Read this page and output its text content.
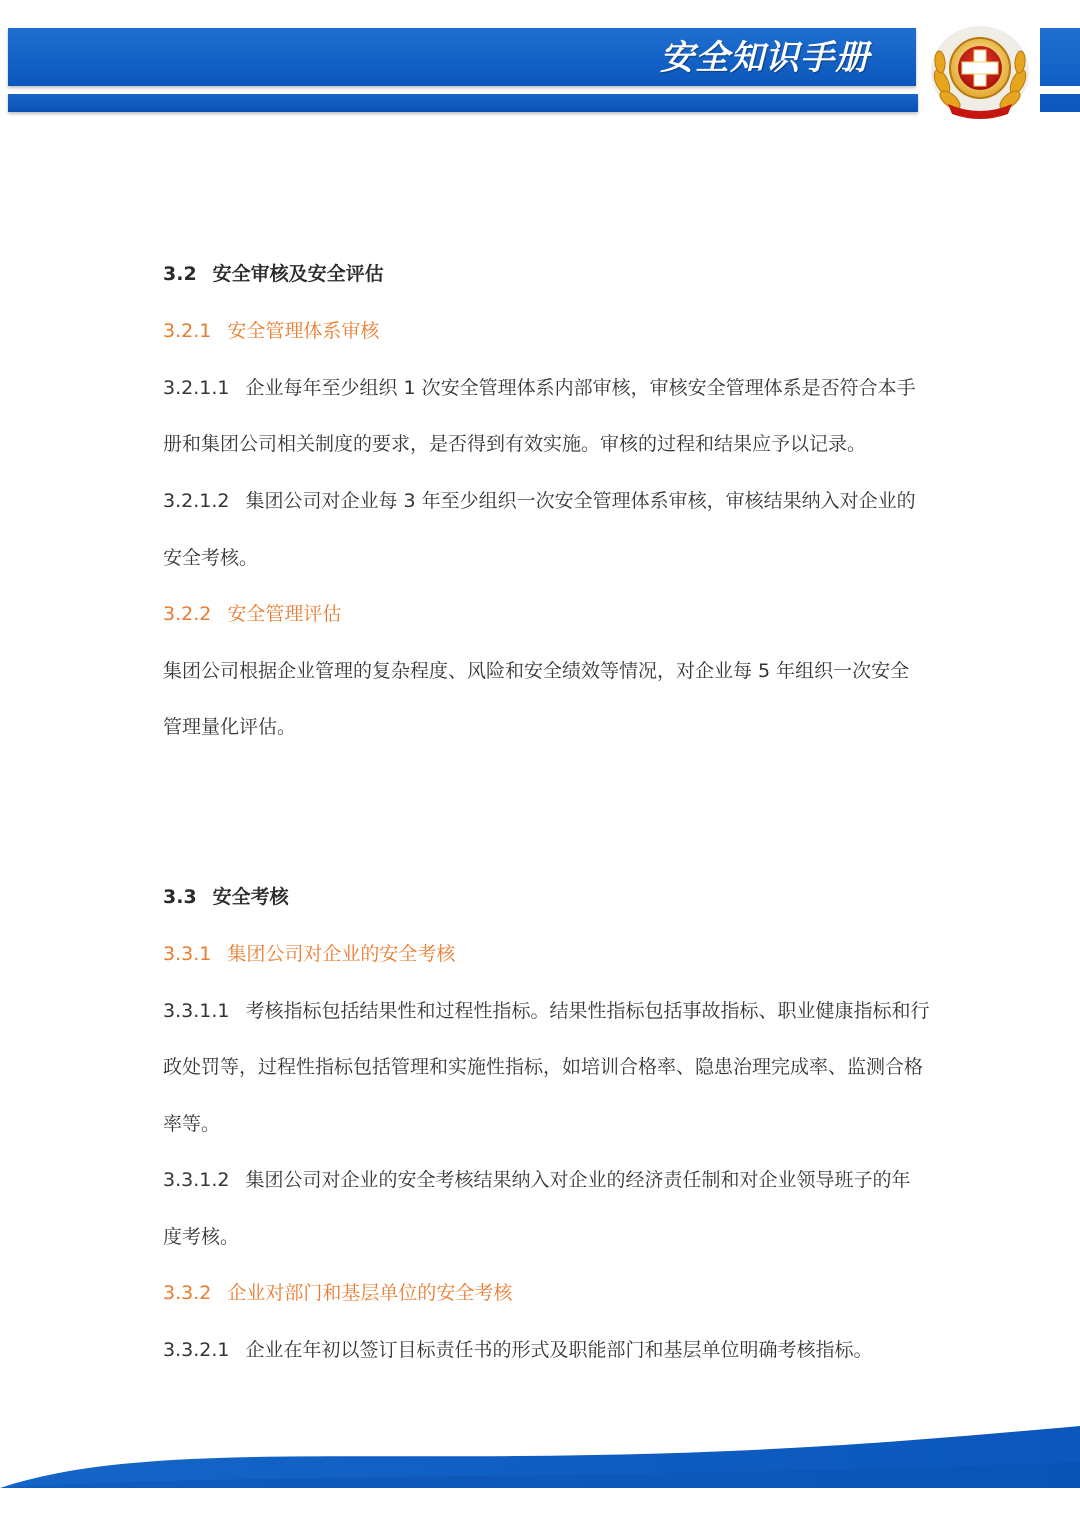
安全知识手册
3.2 安全审核及安全评估
3.2.1 安全管理体系审核
3.2.1.1 企业每年至少组织 1 次安全管理体系内部审核，审核安全管理体系是否符合本手
册和集团公司相关制度的要求，是否得到有效实施。审核的过程和结果应予以记录。
3.2.1.2 集团公司对企业每 3 年至少组织一次安全管理体系审核，审核结果纳入对企业的
安全考核。
3.2.2 安全管理评估
集团公司根据企业管理的复杂程度、风险和安全绩效等情况，对企业每 5 年组织一次安全
管理量化评估。
3.3 安全考核
3.3.1 集团公司对企业的安全考核
3.3.1.1 考核指标包括结果性和过程性指标。结果性指标包括事故指标、职业健康指标和行
政处罚等，过程性指标包括管理和实施性指标，如培训合格率、隐患治理完成率、监测合格
率等。
3.3.1.2 集团公司对企业的安全考核结果纳入对企业的经济责任制和对企业领导班子的年
度考核。
3.3.2 企业对部门和基层单位的安全考核
3.3.2.1 企业在年初以签订目标责任书的形式及职能部门和基层单位明确考核指标。
